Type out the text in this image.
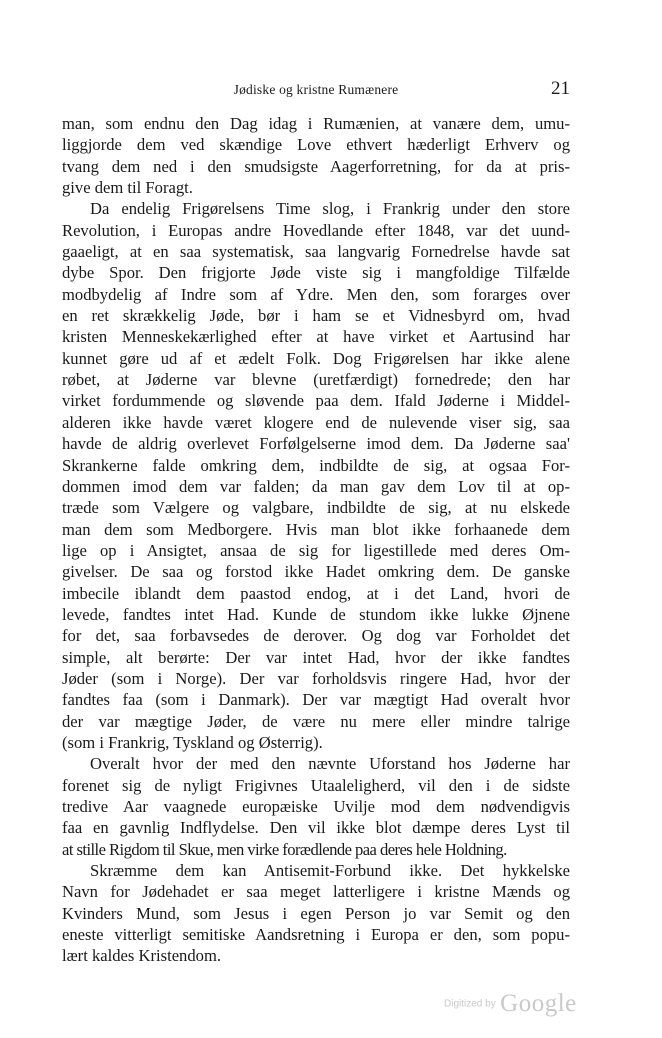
Jødiske og kristne Rumænere	21
man, som endnu den Dag idag i Rumænien, at vanære dem, umu-
liggjorde dem ved skændige Love ethvert hæderligt Erhverv og
tvang dem ned i den smudsigste Aagerforretning, for da at pris-
give dem til Foragt.
Da endelig Frigørelsens Time slog, i Frankrig under den store
Revolution, i Europas andre Hovedlande efter 1848, var det uund-
gaaeligt, at en saa systematisk, saa langvarig Fornedrelse havde sat
dybe Spor. Den frigjorte Jøde viste sig i mangfoldige Tilfælde
modbydelig af Indre som af Ydre. Men den, som forarges over
en ret skrækkelig Jøde, bør i ham se et Vidnesbyrd om, hvad
kristen Menneskekærlighed efter at have virket et Aartusind har
kunnet gøre ud af et ædelt Folk. Dog Frigørelsen har ikke alene
røbet, at Jøderne var blevne (uretfærdigt) fornedrede; den har
virket fordummende og sløvende paa dem. Ifald Jøderne i Middel-
alderen ikke havde været klogere end de nulevende viser sig, saa
havde de aldrig overlevet Forfølgelserne imod dem. Da Jøderne saa'
Skrankerne falde omkring dem, indbildte de sig, at ogsaa For-
dommen imod dem var falden; da man gav dem Lov til at op-
træde som Vælgere og valgbare, indbildte de sig, at nu elskede
man dem som Medborgere. Hvis man blot ikke forhaanede dem
lige op i Ansigtet, ansaa de sig for ligestillede med deres Om-
givelser. De saa og forstod ikke Hadet omkring dem. De ganske
imbecile iblandt dem paastod endog, at i det Land, hvori de
levede, fandtes intet Had. Kunde de stundom ikke lukke Øjnene
for det, saa forbavsedes de derover. Og dog var Forholdet det
simple, alt berørte: Der var intet Had, hvor der ikke fandtes
Jøder (som i Norge). Der var forholdsvis ringere Had, hvor der
fandtes faa (som i Danmark). Der var mægtigt Had overalt hvor
der var mægtige Jøder, de være nu mere eller mindre talrige
(som i Frankrig, Tyskland og Østerrig).
Overalt hvor der med den nævnte Uforstand hos Jøderne har
forenet sig de nyligt Frigivnes Utaaleligherd, vil den i de sidste
tredive Aar vaagnede europæiske Uvilje mod dem nødvendigvis
faa en gavnlig Indflydelse. Den vil ikke blot dæmpe deres Lyst til
at stille Rigdom til Skue, men virke forædlende paa deres hele Holdning.
Skræmme dem kan Antisemit-Forbund ikke. Det hykkelske
Navn for Jødehadet er saa meget latterligere i kristne Mænds og
Kvinders Mund, som Jesus i egen Person jo var Semit og den
eneste vitterligt semitiske Aandsretning i Europa er den, som popu-
lært kaldes Kristendom.
Digitized by Google
